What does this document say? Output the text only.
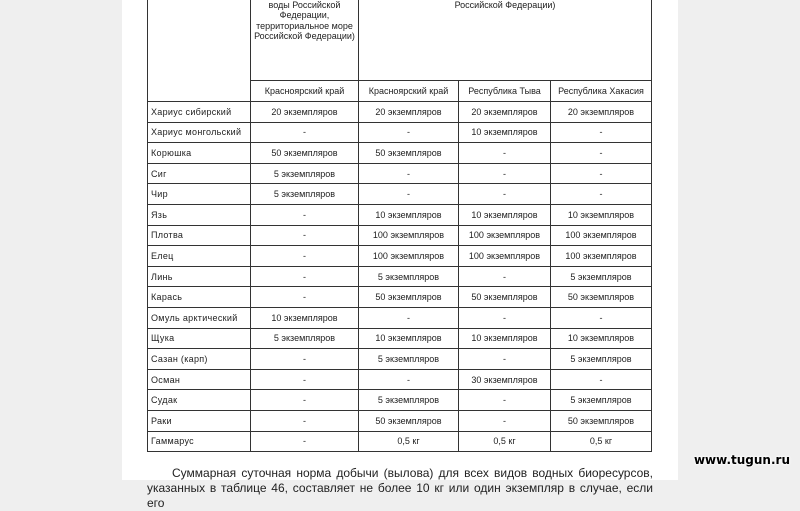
	воды Российской Федерации, территориальное море Российской Федерации)	Российской Федерации)		
	Красноярский край	Красноярский край	Республика Тыва	Республика Хакасия
Хариус сибирский	20 экземпляров	20 экземпляров	20 экземпляров	20 экземпляров
Хариус монгольский	-	-	10 экземпляров	-
Корюшка	50 экземпляров	50 экземпляров	-	-
Сиг	5 экземпляров	-	-	-
Чир	5 экземпляров	-	-	-
Язь	-	10 экземпляров	10 экземпляров	10 экземпляров
Плотва	-	100 экземпляров	100 экземпляров	100 экземпляров
Елец	-	100 экземпляров	100 экземпляров	100 экземпляров
Линь	-	5 экземпляров	-	5 экземпляров
Карась	-	50 экземпляров	50 экземпляров	50 экземпляров
Омуль арктический	10 экземпляров	-	-	-
Щука	5 экземпляров	10 экземпляров	10 экземпляров	10 экземпляров
Сазан (карп)	-	5 экземпляров	-	5 экземпляров
Осман	-	-	30 экземпляров	-
Судак	-	5 экземпляров	-	5 экземпляров
Раки	-	50 экземпляров	-	50 экземпляров
Гаммарус	-	0,5 кг	0,5 кг	0,5 кг

Суммарная суточная норма добычи (вылова) для всех видов водных биоресурсов,
указанных в таблице 46, составляет не более 10 кг или один экземпляр в случае, если его

www.tugun.ru
